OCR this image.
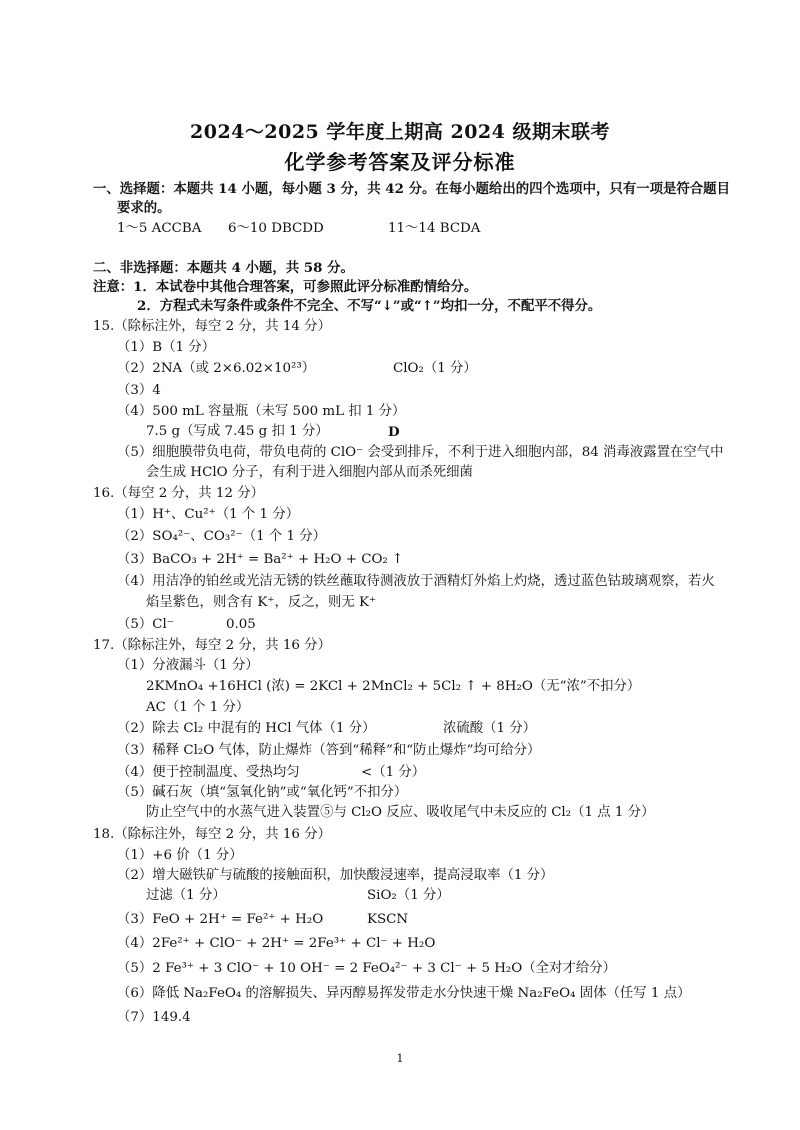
2024～2025 学年度上期高 2024 级期末联考
化学参考答案及评分标准
一、选择题：本题共 14 小题，每小题 3 分，共 42 分。在每小题给出的四个选项中，只有一项是符合题目
要求的。
1～5 ACCBA 6～10 DBCDD	11～14 BCDA
二、非选择题：本题共 4 小题，共 58 分。
注意：1．本试卷中其他合理答案，可参照此评分标准酌情给分。
2．方程式未写条件或条件不完全、不写“↓”或“↑”均扣一分，不配平不得分。
15.（除标注外，每空 2 分，共 14 分）
（1）B（1 分）
（2）2NA（或 2×6.02×10²³）	ClO₂（1 分）
（3）4
（4）500 mL 容量瓶（未写 500 mL 扣 1 分）
7.5 g（写成 7.45 g 扣 1 分）	D
（5）细胞膜带负电荷，带负电荷的 ClO⁻ 会受到排斥，不利于进入细胞内部，84 消毒液露置在空气中
会生成 HClO 分子，有利于进入细胞内部从而杀死细菌
16.（每空 2 分，共 12 分）
（1）H⁺、Cu²⁺（1 个 1 分）
（2）SO₄²⁻、CO₃²⁻（1 个 1 分）
（3）BaCO₃ + 2H⁺ = Ba²⁺ + H₂O + CO₂ ↑
（4）用洁净的铂丝或光洁无锈的铁丝蘸取待测液放于酒精灯外焰上灼烧，透过蓝色钴玻璃观察，若火
焰呈紫色，则含有 K⁺，反之，则无 K⁺
（5）Cl⁻	0.05
17.（除标注外，每空 2 分，共 16 分）
（1）分液漏斗（1 分）
2KMnO₄ +16HCl (浓) = 2KCl + 2MnCl₂ + 5Cl₂ ↑ + 8H₂O（无“浓”不扣分）
AC（1 个 1 分）
（2）除去 Cl₂ 中混有的 HCl 气体（1 分）	浓硫酸（1 分）
（3）稀释 Cl₂O 气体，防止爆炸（答到“稀释”和“防止爆炸”均可给分）
（4）便于控制温度、受热均匀	<（1 分）
（5）碱石灰（填“氢氧化钠”或“氧化钙”不扣分）
防止空气中的水蒸气进入装置⑤与 Cl₂O 反应、吸收尾气中未反应的 Cl₂（1 点 1 分）
18.（除标注外，每空 2 分，共 16 分）
（1）+6 价（1 分）
（2）增大磁铁矿与硫酸的接触面积，加快酸浸速率，提高浸取率（1 分）
过滤（1 分）	SiO₂（1 分）
（3）FeO + 2H⁺ = Fe²⁺ + H₂O	KSCN
（4）2Fe²⁺ + ClO⁻ + 2H⁺ = 2Fe³⁺ + Cl⁻ + H₂O
（5）2 Fe³⁺ + 3 ClO⁻ + 10 OH⁻ = 2 FeO₄²⁻ + 3 Cl⁻ + 5 H₂O（全对才给分）
（6）降低 Na₂FeO₄ 的溶解损失、异丙醇易挥发带走水分快速干燥 Na₂FeO₄ 固体（任写 1 点）
（7）149.4
1
